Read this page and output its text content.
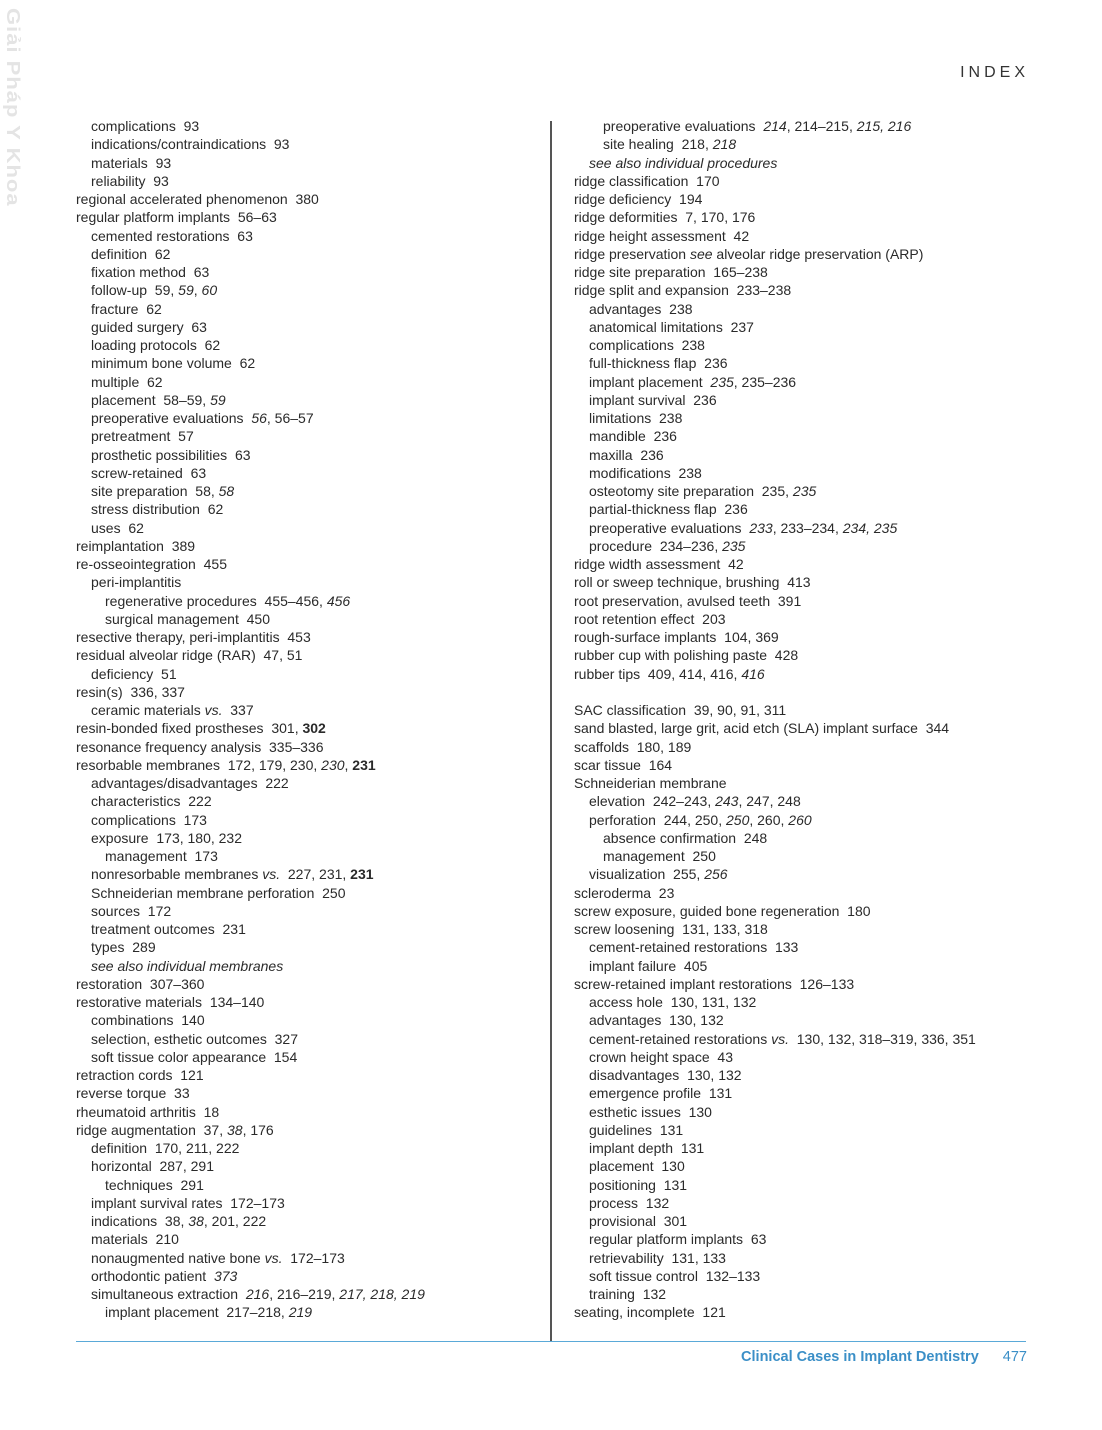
Giải Pháp Y Khoa	INDEX
complications  93
indications/contraindications  93
materials  93
reliability  93
regional accelerated phenomenon  380
regular platform implants  56–63
cemented restorations  63
definition  62
fixation method  63
follow-up  59, 59, 60
fracture  62
guided surgery  63
loading protocols  62
minimum bone volume  62
multiple  62
placement  58–59, 59
preoperative evaluations  56, 56–57
pretreatment  57
prosthetic possibilities  63
screw-retained  63
site preparation  58, 58
stress distribution  62
uses  62
reimplantation  389
re-osseointegration  455
peri-implantitis
regenerative procedures  455–456, 456
surgical management  450
resective therapy, peri-implantitis  453
residual alveolar ridge (RAR)  47, 51
deficiency  51
resin(s)  336, 337
ceramic materials vs.  337
resin-bonded fixed prostheses  301, 302
resonance frequency analysis  335–336
resorbable membranes  172, 179, 230, 230, 231
advantages/disadvantages  222
characteristics  222
complications  173
exposure  173, 180, 232
management  173
nonresorbable membranes vs.  227, 231, 231
Schneiderian membrane perforation  250
sources  172
treatment outcomes  231
types  289
see also individual membranes
restoration  307–360
restorative materials  134–140
combinations  140
selection, esthetic outcomes  327
soft tissue color appearance  154
retraction cords  121
reverse torque  33
rheumatoid arthritis  18
ridge augmentation  37, 38, 176
definition  170, 211, 222
horizontal  287, 291
techniques  291
implant survival rates  172–173
indications  38, 38, 201, 222
materials  210
nonaugmented native bone vs.  172–173
orthodontic patient  373
simultaneous extraction  216, 216–219, 217, 218, 219
implant placement  217–218, 219
preoperative evaluations  214, 214–215, 215, 216
site healing  218, 218
see also individual procedures
ridge classification  170
ridge deficiency  194
ridge deformities  7, 170, 176
ridge height assessment  42
ridge preservation see alveolar ridge preservation (ARP)
ridge site preparation  165–238
ridge split and expansion  233–238
advantages  238
anatomical limitations  237
complications  238
full-thickness flap  236
implant placement  235, 235–236
implant survival  236
limitations  238
mandible  236
maxilla  236
modifications  238
osteotomy site preparation  235, 235
partial-thickness flap  236
preoperative evaluations  233, 233–234, 234, 235
procedure  234–236, 235
ridge width assessment  42
roll or sweep technique, brushing  413
root preservation, avulsed teeth  391
root retention effect  203
rough-surface implants  104, 369
rubber cup with polishing paste  428
rubber tips  409, 414, 416, 416
SAC classification  39, 90, 91, 311
sand blasted, large grit, acid etch (SLA) implant surface  344
scaffolds  180, 189
scar tissue  164
Schneiderian membrane
elevation  242–243, 243, 247, 248
perforation  244, 250, 250, 260, 260
absence confirmation  248
management  250
visualization  255, 256
scleroderma  23
screw exposure, guided bone regeneration  180
screw loosening  131, 133, 318
cement-retained restorations  133
implant failure  405
screw-retained implant restorations  126–133
access hole  130, 131, 132
advantages  130, 132
cement-retained restorations vs.  130, 132, 318–319, 336, 351
crown height space  43
disadvantages  130, 132
emergence profile  131
esthetic issues  130
guidelines  131
implant depth  131
placement  130
positioning  131
process  132
provisional  301
regular platform implants  63
retrievability  131, 133
soft tissue control  132–133
training  132
seating, incomplete  121
Clinical Cases in Implant Dentistry 477
